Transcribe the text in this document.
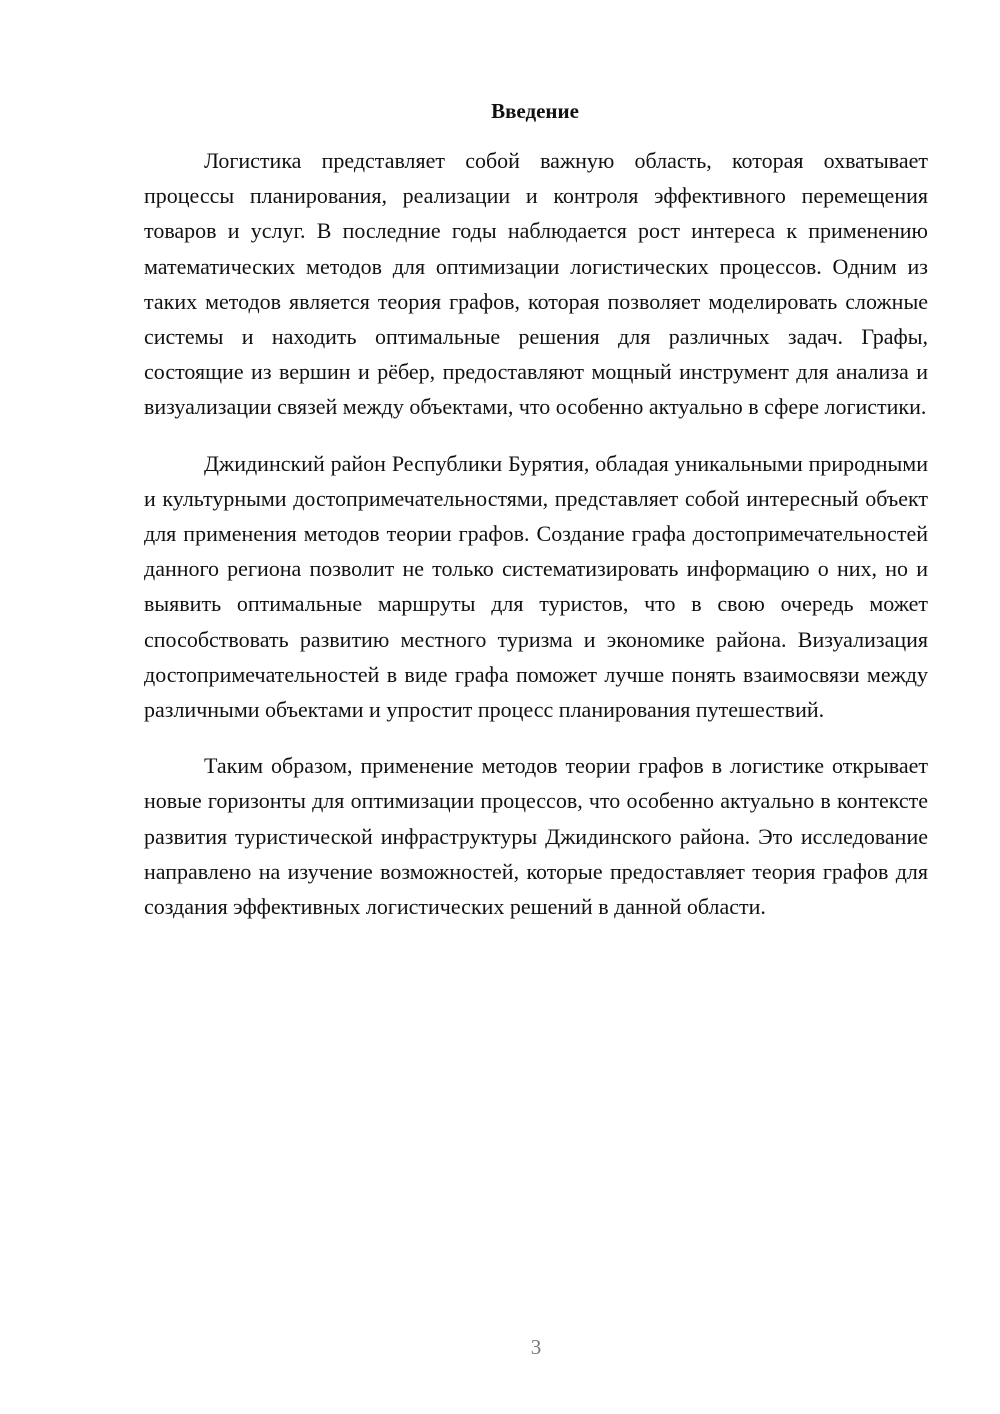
Введение

Логистика представляет собой важную область, которая охватывает процессы планирования, реализации и контроля эффективного перемещения товаров и услуг. В последние годы наблюдается рост интереса к применению математических методов для оптимизации логистических процессов. Одним из таких методов является теория графов, которая позволяет моделировать сложные системы и находить оптимальные решения для различных задач. Графы, состоящие из вершин и рёбер, предоставляют мощный инструмент для анализа и визуализации связей между объектами, что особенно актуально в сфере логистики.

Джидинский район Республики Бурятия, обладая уникальными природными и культурными достопримечательностями, представляет собой интересный объект для применения методов теории графов. Создание графа достопримечательностей данного региона позволит не только систематизировать информацию о них, но и выявить оптимальные маршруты для туристов, что в свою очередь может способствовать развитию местного туризма и экономике района. Визуализация достопримечательностей в виде графа поможет лучше понять взаимосвязи между различными объектами и упростит процесс планирования путешествий.

Таким образом, применение методов теории графов в логистике открывает новые горизонты для оптимизации процессов, что особенно актуально в контексте развития туристической инфраструктуры Джидинского района. Это исследование направлено на изучение возможностей, которые предоставляет теория графов для создания эффективных логистических решений в данной области.

3
